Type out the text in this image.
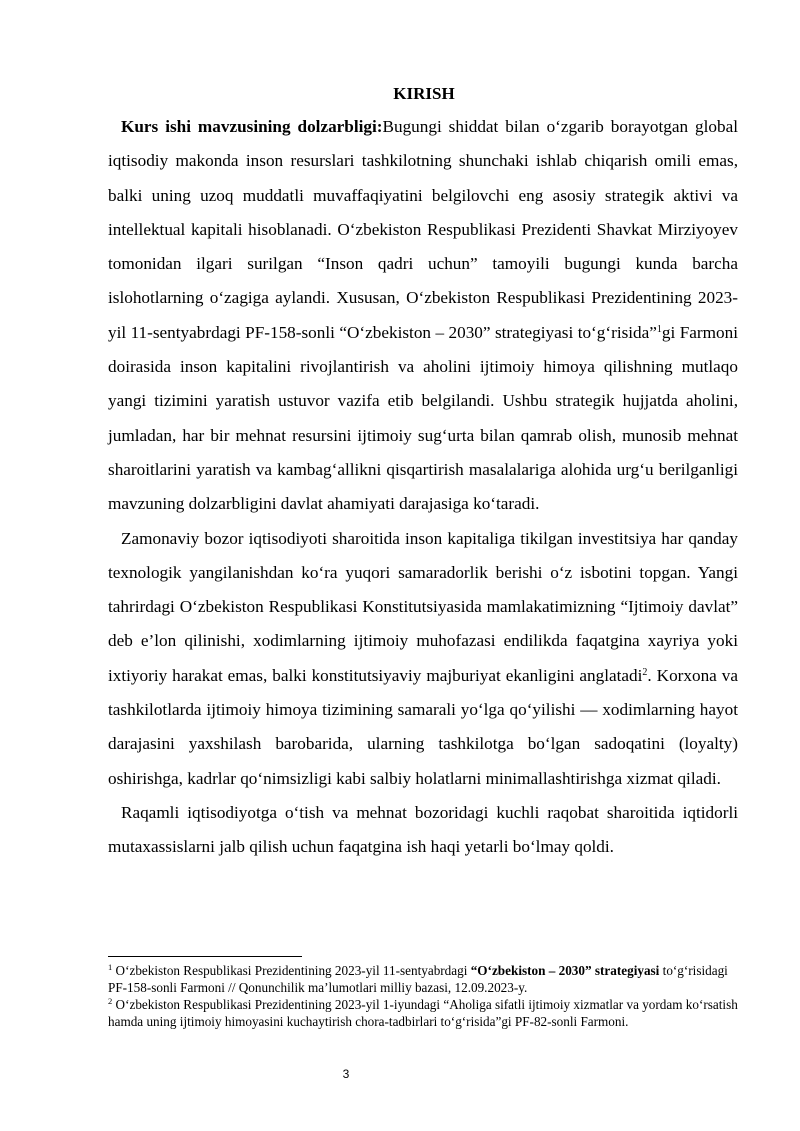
KIRISH

Kurs ishi mavzusining dolzarbligi:Bugungi shiddat bilan o‘zgarib borayotgan global iqtisodiy makonda inson resurslari tashkilotning shunchaki ishlab chiqarish omili emas, balki uning uzoq muddatli muvaffaqiyatini belgilovchi eng asosiy strategik aktivi va intellektual kapitali hisoblanadi. O‘zbekiston Respublikasi Prezidenti Shavkat Mirziyoyev tomonidan ilgari surilgan “Inson qadri uchun” tamoyili bugungi kunda barcha islohotlarning o‘zagiga aylandi. Xususan, O‘zbekiston Respublikasi Prezidentining 2023-yil 11-sentyabrdagi PF-158-sonli “O‘zbekiston – 2030” strategiyasi to‘g‘risida”$^1$gi Farmoni doirasida inson kapitalini rivojlantirish va aholini ijtimoiy himoya qilishning mutlaqo yangi tizimini yaratish ustuvor vazifa etib belgilandi. Ushbu strategik hujjatda aholini, jumladan, har bir mehnat resursini ijtimoiy sug‘urta bilan qamrab olish, munosib mehnat sharoitlarini yaratish va kambag‘allikni qisqartirish masalalariga alohida urg‘u berilganligi mavzuning dolzarbligini davlat ahamiyati darajasiga ko‘taradi.

Zamonaviy bozor iqtisodiyoti sharoitida inson kapitaliga tikilgan investitsiya har qanday texnologik yangilanishdan ko‘ra yuqori samaradorlik berishi o‘z isbotini topgan. Yangi tahrirdagi O‘zbekiston Respublikasi Konstitutsiyasida mamlakatimizning “Ijtimoiy davlat” deb e’lon qilinishi, xodimlarning ijtimoiy muhofazasi endilikda faqatgina xayriya yoki ixtiyoriy harakat emas, balki konstitutsiyaviy majburiyat ekanligini anglatadi$^2$. Korxona va tashkilotlarda ijtimoiy himoya tizimining samarali yo‘lga qo‘yilishi — xodimlarning hayot darajasini yaxshilash barobarida, ularning tashkilotga bo‘lgan sadoqatini (loyalty) oshirishga, kadrlar qo‘nimsizligi kabi salbiy holatlarni minimallashtirishga xizmat qiladi.

Raqamli iqtisodiyotga o‘tish va mehnat bozoridagi kuchli raqobat sharoitida iqtidorli mutaxassislarni jalb qilish uchun faqatgina ish haqi yetarli bo‘lmay qoldi.

$^1$ O‘zbekiston Respublikasi Prezidentining 2023-yil 11-sentyabrdagi “O‘zbekiston – 2030” strategiyasi to‘g‘risidagi PF-158-sonli Farmoni // Qonunchilik ma’lumotlari milliy bazasi, 12.09.2023-y.

$^2$ O‘zbekiston Respublikasi Prezidentining 2023-yil 1-iyundagi “Aholiga sifatli ijtimoiy xizmatlar va yordam ko‘rsatish hamda uning ijtimoiy himoyasini kuchaytirish chora-tadbirlari to‘g‘risida”gi PF-82-sonli Farmoni.

3
